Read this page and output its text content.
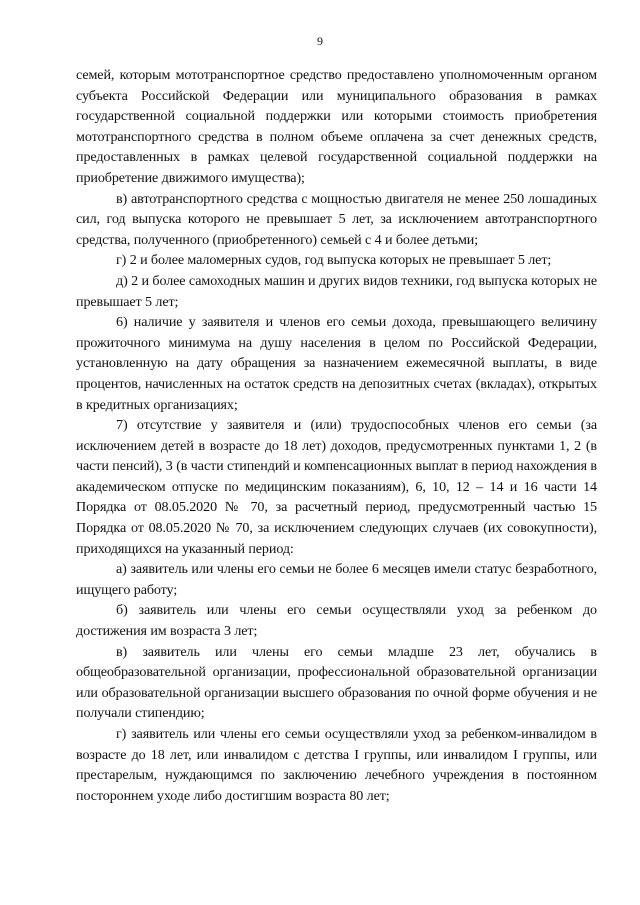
9

семей, которым мототранспортное средство предоставлено уполномоченным органом субъекта Российской Федерации или муниципального образования в рамках государственной социальной поддержки или которыми стоимость приобретения мототранспортного средства в полном объеме оплачена за счет денежных средств, предоставленных в рамках целевой государственной социальной поддержки на приобретение движимого имущества);

в) автотранспортного средства с мощностью двигателя не менее 250 лошадиных сил, год выпуска которого не превышает 5 лет, за исключением автотранспортного средства, полученного (приобретенного) семьей с 4 и более детьми;

г) 2 и более маломерных судов, год выпуска которых не превышает 5 лет;

д) 2 и более самоходных машин и других видов техники, год выпуска которых не превышает 5 лет;

6) наличие у заявителя и членов его семьи дохода, превышающего величину прожиточного минимума на душу населения в целом по Российской Федерации, установленную на дату обращения за назначением ежемесячной выплаты, в виде процентов, начисленных на остаток средств на депозитных счетах (вкладах), открытых в кредитных организациях;

7) отсутствие у заявителя и (или) трудоспособных членов его семьи (за исключением детей в возрасте до 18 лет) доходов, предусмотренных пунктами 1, 2 (в части пенсий), 3 (в части стипендий и компенсационных выплат в период нахождения в академическом отпуске по медицинским показаниям), 6, 10, 12 – 14 и 16 части 14 Порядка от 08.05.2020 № 70, за расчетный период, предусмотренный частью 15 Порядка от 08.05.2020 № 70, за исключением следующих случаев (их совокупности), приходящихся на указанный период:

а) заявитель или члены его семьи не более 6 месяцев имели статус безработного, ищущего работу;

б) заявитель или члены его семьи осуществляли уход за ребенком до достижения им возраста 3 лет;

в) заявитель или члены его семьи младше 23 лет, обучались в общеобразовательной организации, профессиональной образовательной организации или образовательной организации высшего образования по очной форме обучения и не получали стипендию;

г) заявитель или члены его семьи осуществляли уход за ребенком-инвалидом в возрасте до 18 лет, или инвалидом с детства I группы, или инвалидом I группы, или престарелым, нуждающимся по заключению лечебного учреждения в постоянном постороннем уходе либо достигшим возраста 80 лет;
